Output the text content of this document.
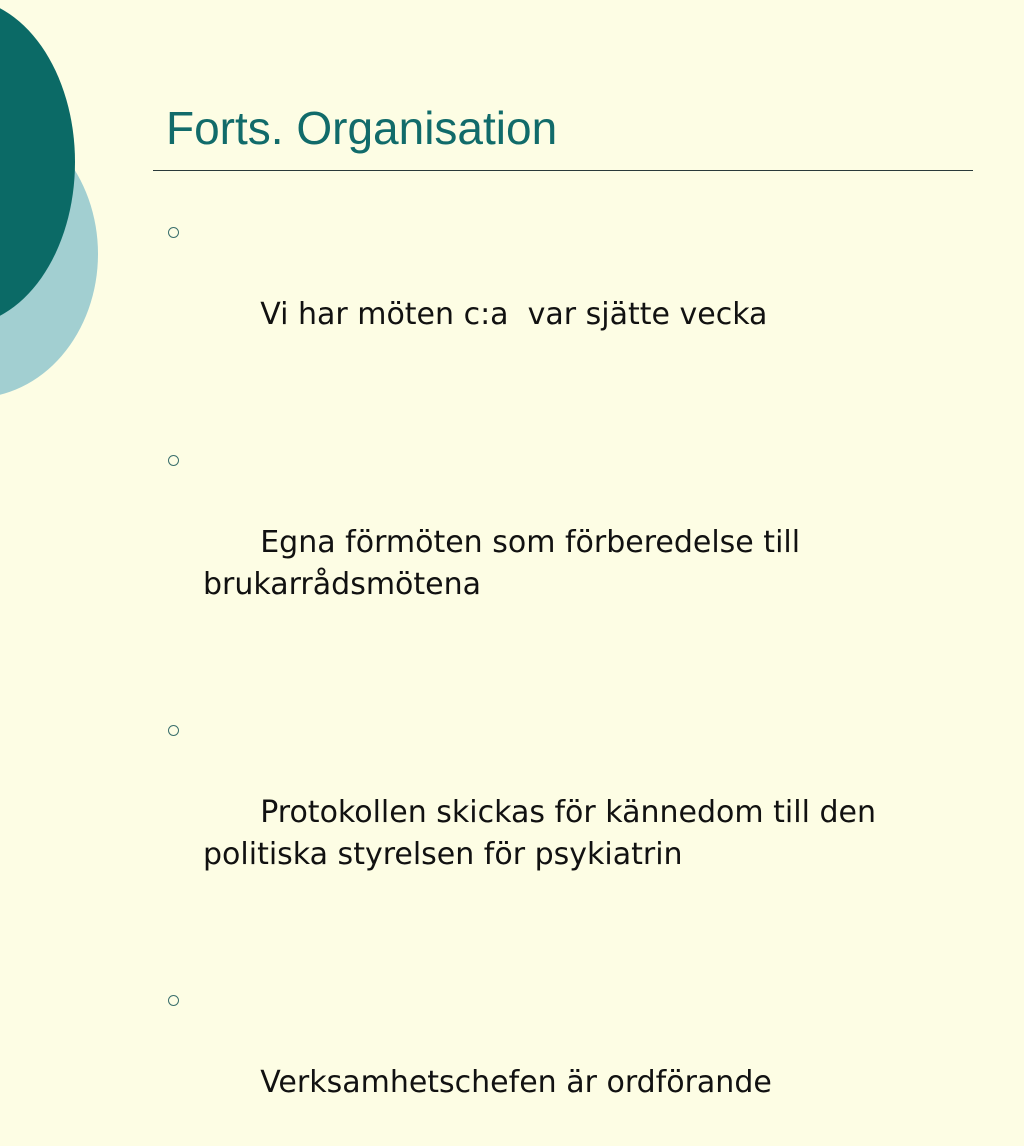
Forts. Organisation

Vi har möten c:a  var sjätte vecka

Egna förmöten som förberedelse till brukarrådsmötena

Protokollen skickas för kännedom till den politiska styrelsen för psykiatrin

Verksamhetschefen är ordförande
